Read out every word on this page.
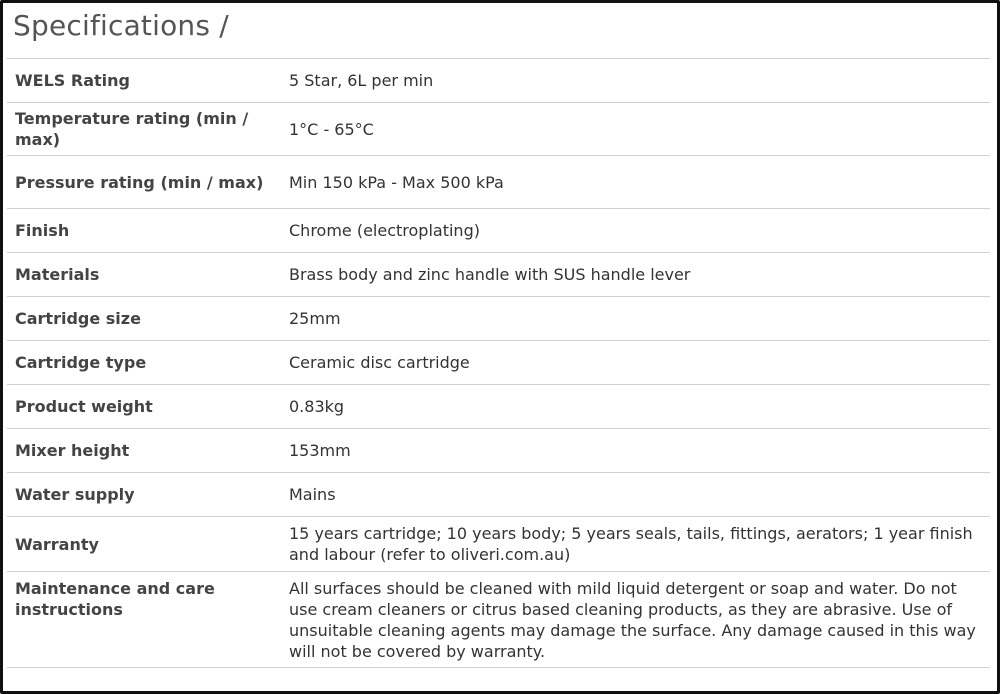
Specifications /
WELS Rating	5 Star, 6L per min
Temperature rating (min / max)	1°C - 65°C
Pressure rating (min / max)	Min 150 kPa - Max 500 kPa
Finish	Chrome (electroplating)
Materials	Brass body and zinc handle with SUS handle lever
Cartridge size	25mm
Cartridge type	Ceramic disc cartridge
Product weight	0.83kg
Mixer height	153mm
Water supply	Mains
Warranty	15 years cartridge; 10 years body; 5 years seals, tails, fittings, aerators; 1 year finish and labour (refer to oliveri.com.au)
Maintenance and care instructions	All surfaces should be cleaned with mild liquid detergent or soap and water. Do not use cream cleaners or citrus based cleaning products, as they are abrasive. Use of unsuitable cleaning agents may damage the surface. Any damage caused in this way will not be covered by warranty.
